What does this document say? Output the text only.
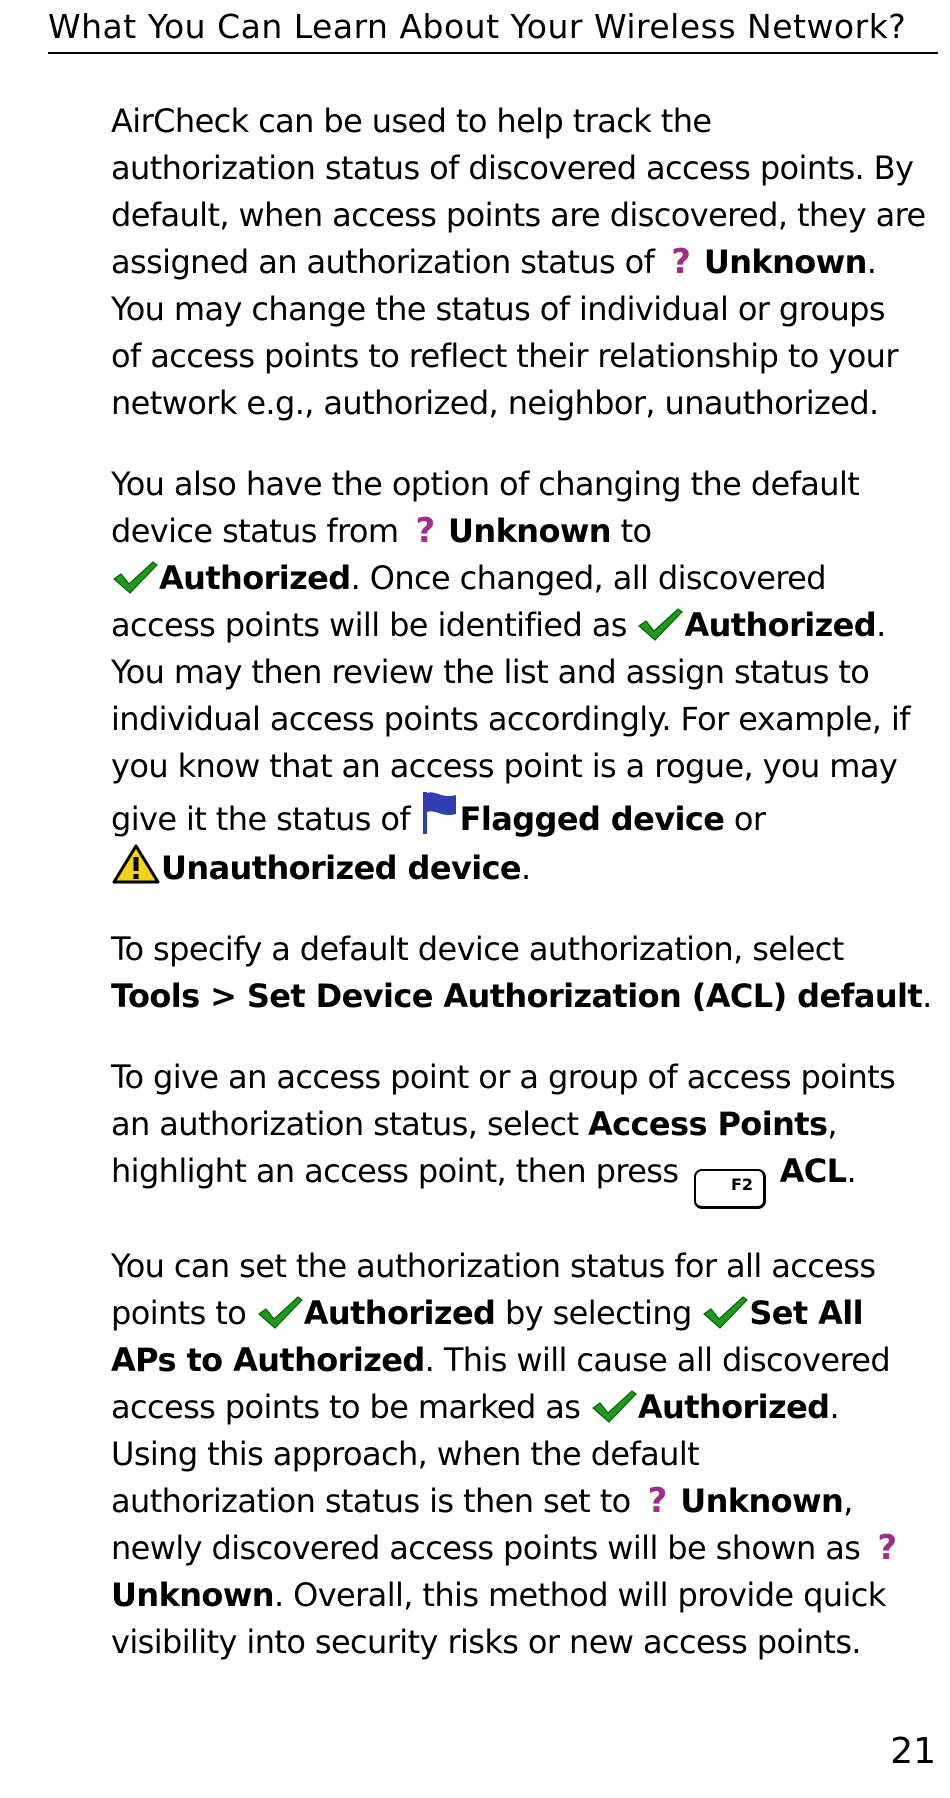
What You Can Learn About Your Wireless Network?

AirCheck can be used to help track the
authorization status of discovered access points. By
default, when access points are discovered, they are
assigned an authorization status of ? Unknown.
You may change the status of individual or groups
of access points to reflect their relationship to your
network e.g., authorized, neighbor, unauthorized.

You also have the option of changing the default
device status from ? Unknown to
Authorized. Once changed, all discovered
access points will be identified as Authorized.
You may then review the list and assign status to
individual access points accordingly. For example, if
you know that an access point is a rogue, you may
give it the status of Flagged device or
Unauthorized device.

To specify a default device authorization, select
Tools > Set Device Authorization (ACL) default.

To give an access point or a group of access points
an authorization status, select Access Points,
highlight an access point, then press	F2 ACL.

You can set the authorization status for all access
points to Authorized by selecting Set All
APs to Authorized. This will cause all discovered
access points to be marked as Authorized.
Using this approach, when the default
authorization status is then set to ? Unknown,
newly discovered access points will be shown as ?
Unknown. Overall, this method will provide quick
visibility into security risks or new access points.

21
